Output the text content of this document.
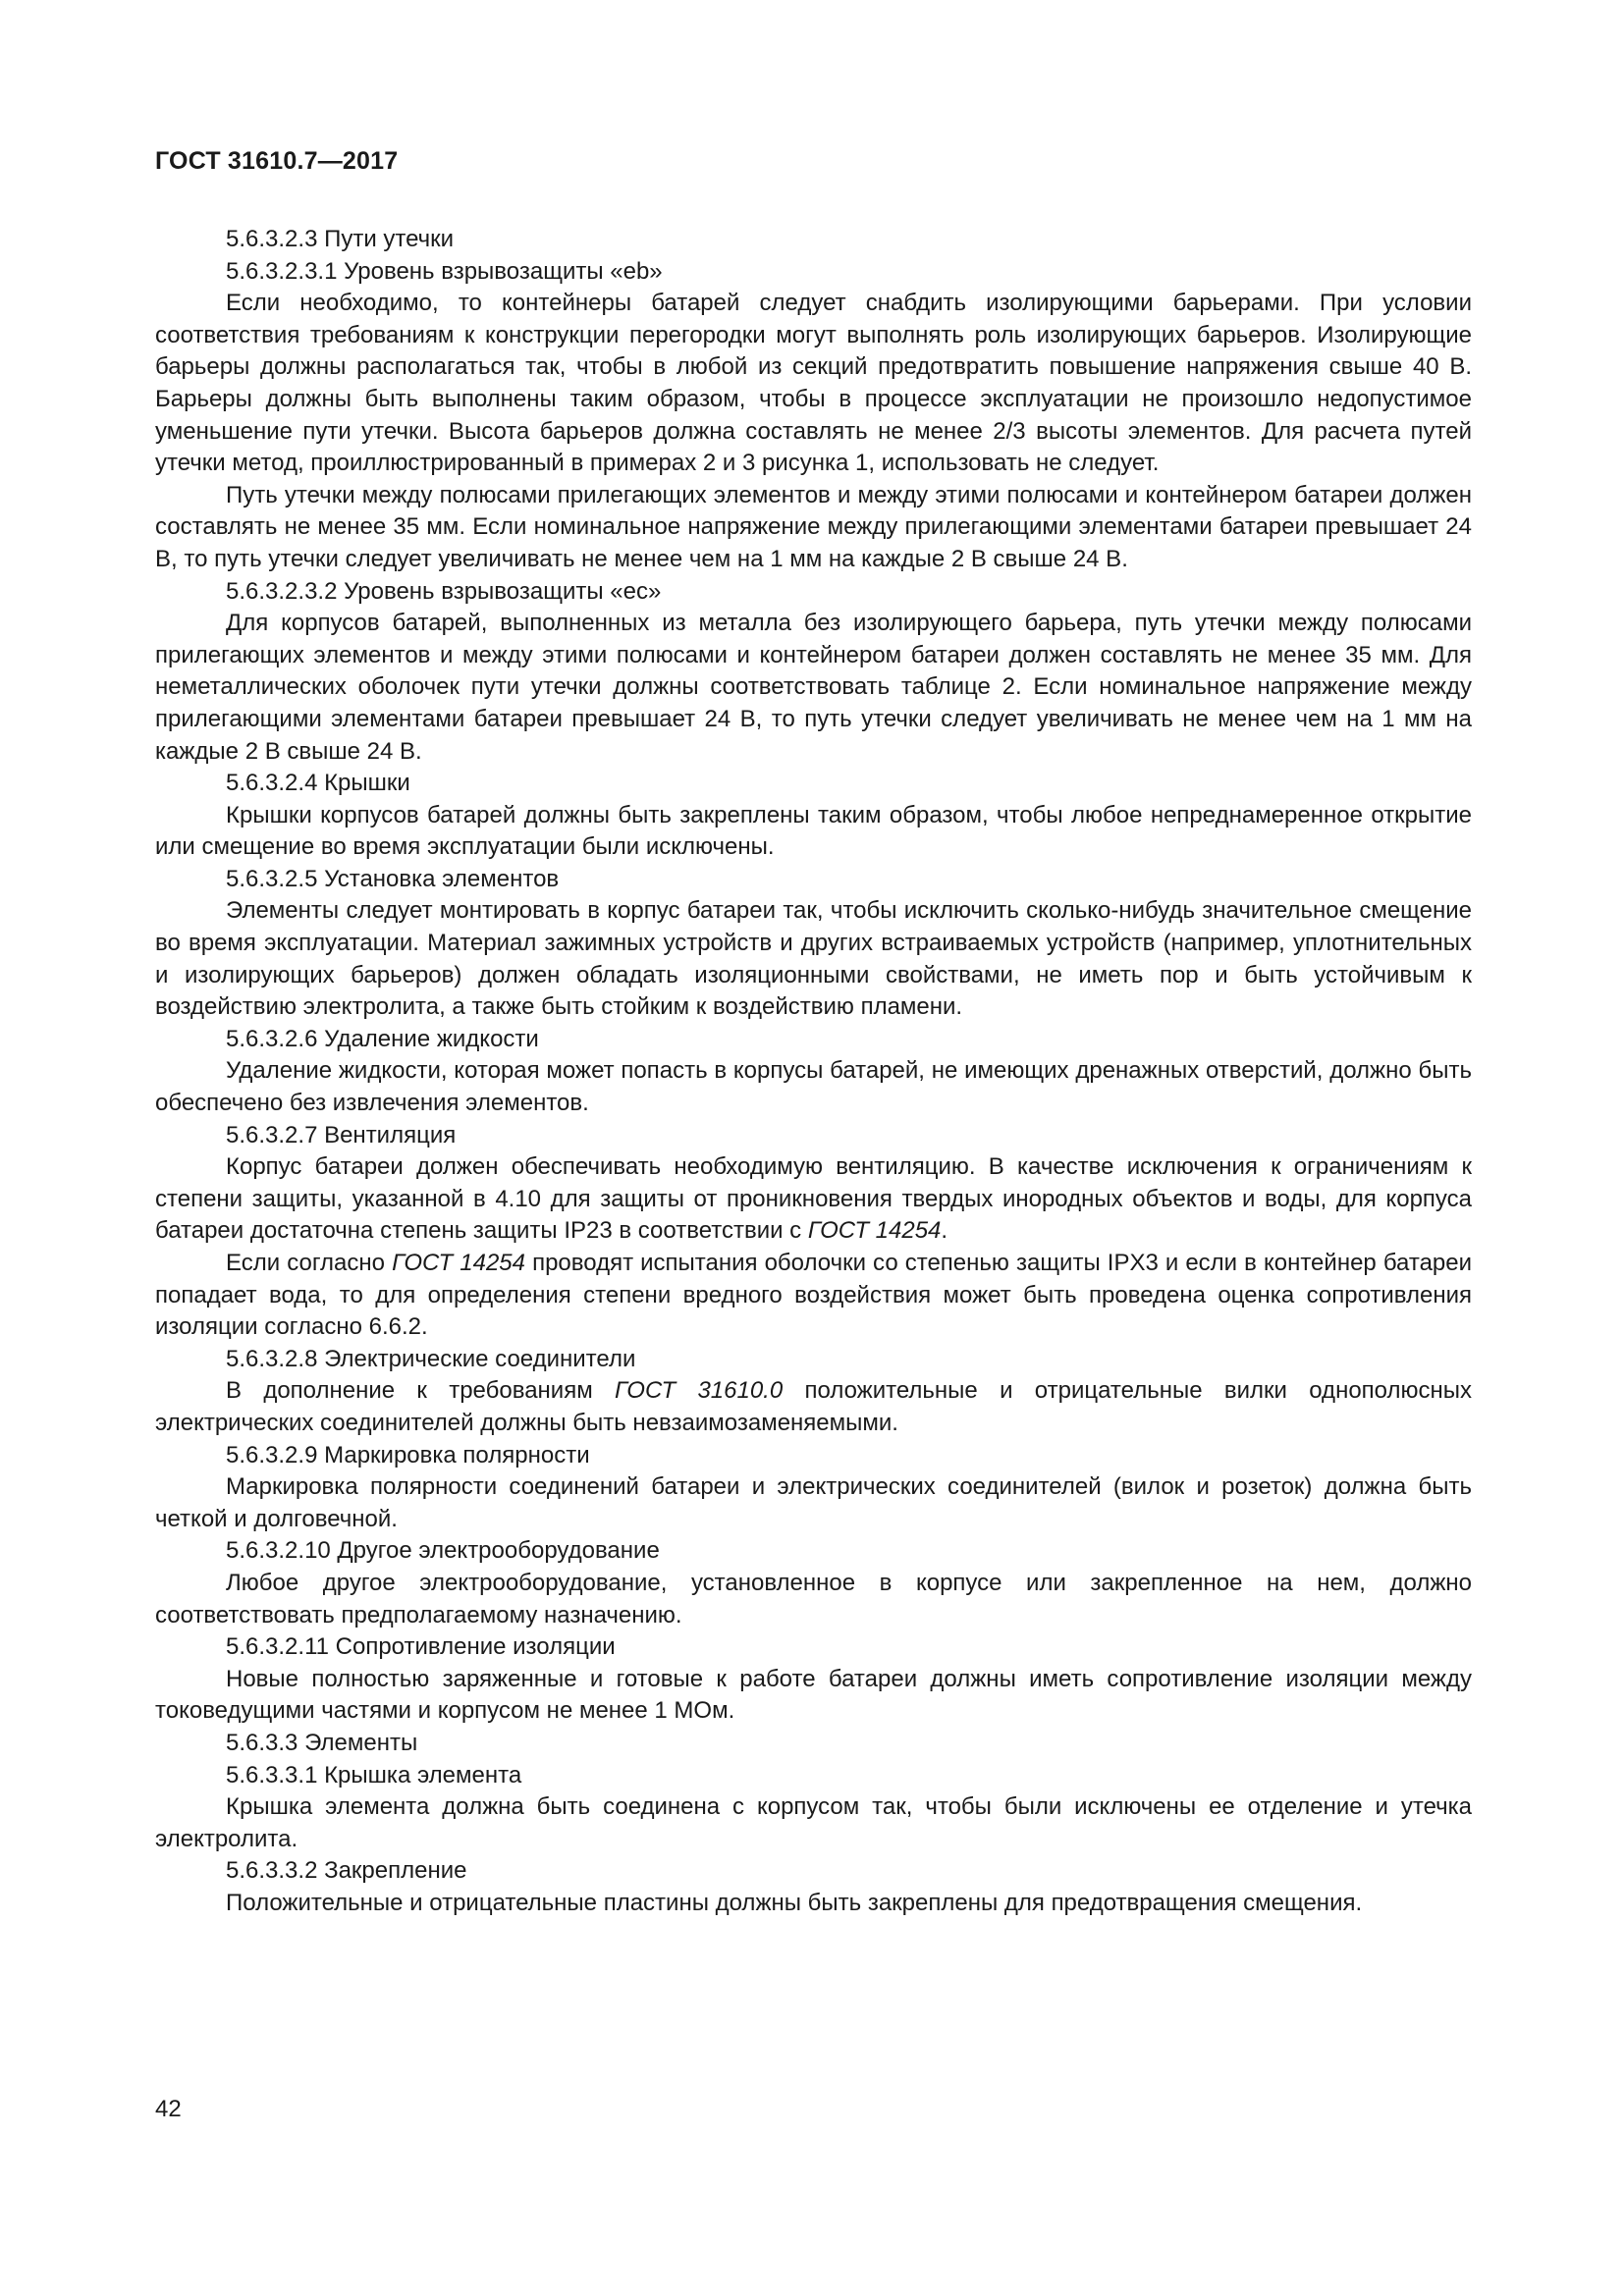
ГОСТ 31610.7—2017

5.6.3.2.3 Пути утечки

5.6.3.2.3.1 Уровень взрывозащиты «eb»

Если необходимо, то контейнеры батарей следует снабдить изолирующими барьерами. При условии соответствия требованиям к конструкции перегородки могут выполнять роль изолирующих барьеров. Изолирующие барьеры должны располагаться так, чтобы в любой из секций предотвратить повышение напряжения свыше 40 В. Барьеры должны быть выполнены таким образом, чтобы в процессе эксплуатации не произошло недопустимое уменьшение пути утечки. Высота барьеров должна составлять не менее 2/3 высоты элементов. Для расчета путей утечки метод, проиллюстрированный в примерах 2 и 3 рисунка 1, использовать не следует.

Путь утечки между полюсами прилегающих элементов и между этими полюсами и контейнером батареи должен составлять не менее 35 мм. Если номинальное напряжение между прилегающими элементами батареи превышает 24 В, то путь утечки следует увеличивать не менее чем на 1 мм на каждые 2 В свыше 24 В.

5.6.3.2.3.2 Уровень взрывозащиты «ec»

Для корпусов батарей, выполненных из металла без изолирующего барьера, путь утечки между полюсами прилегающих элементов и между этими полюсами и контейнером батареи должен составлять не менее 35 мм. Для неметаллических оболочек пути утечки должны соответствовать таблице 2. Если номинальное напряжение между прилегающими элементами батареи превышает 24 В, то путь утечки следует увеличивать не менее чем на 1 мм на каждые 2 В свыше 24 В.

5.6.3.2.4 Крышки

Крышки корпусов батарей должны быть закреплены таким образом, чтобы любое непреднамеренное открытие или смещение во время эксплуатации были исключены.

5.6.3.2.5 Установка элементов

Элементы следует монтировать в корпус батареи так, чтобы исключить сколько-нибудь значительное смещение во время эксплуатации. Материал зажимных устройств и других встраиваемых устройств (например, уплотнительных и изолирующих барьеров) должен обладать изоляционными свойствами, не иметь пор и быть устойчивым к воздействию электролита, а также быть стойким к воздействию пламени.

5.6.3.2.6 Удаление жидкости

Удаление жидкости, которая может попасть в корпусы батарей, не имеющих дренажных отверстий, должно быть обеспечено без извлечения элементов.

5.6.3.2.7 Вентиляция

Корпус батареи должен обеспечивать необходимую вентиляцию. В качестве исключения к ограничениям к степени защиты, указанной в 4.10 для защиты от проникновения твердых инородных объектов и воды, для корпуса батареи достаточна степень защиты IP23 в соответствии с ГОСТ 14254.

Если согласно ГОСТ 14254 проводят испытания оболочки со степенью защиты IPX3 и если в контейнер батареи попадает вода, то для определения степени вредного воздействия может быть проведена оценка сопротивления изоляции согласно 6.6.2.

5.6.3.2.8 Электрические соединители

В дополнение к требованиям ГОСТ 31610.0 положительные и отрицательные вилки однополюсных электрических соединителей должны быть невзаимозаменяемыми.

5.6.3.2.9 Маркировка полярности

Маркировка полярности соединений батареи и электрических соединителей (вилок и розеток) должна быть четкой и долговечной.

5.6.3.2.10 Другое электрооборудование

Любое другое электрооборудование, установленное в корпусе или закрепленное на нем, должно соответствовать предполагаемому назначению.

5.6.3.2.11 Сопротивление изоляции

Новые полностью заряженные и готовые к работе батареи должны иметь сопротивление изоляции между токоведущими частями и корпусом не менее 1 МОм.

5.6.3.3 Элементы

5.6.3.3.1 Крышка элемента

Крышка элемента должна быть соединена с корпусом так, чтобы были исключены ее отделение и утечка электролита.

5.6.3.3.2 Закрепление

Положительные и отрицательные пластины должны быть закреплены для предотвращения смещения.

42
